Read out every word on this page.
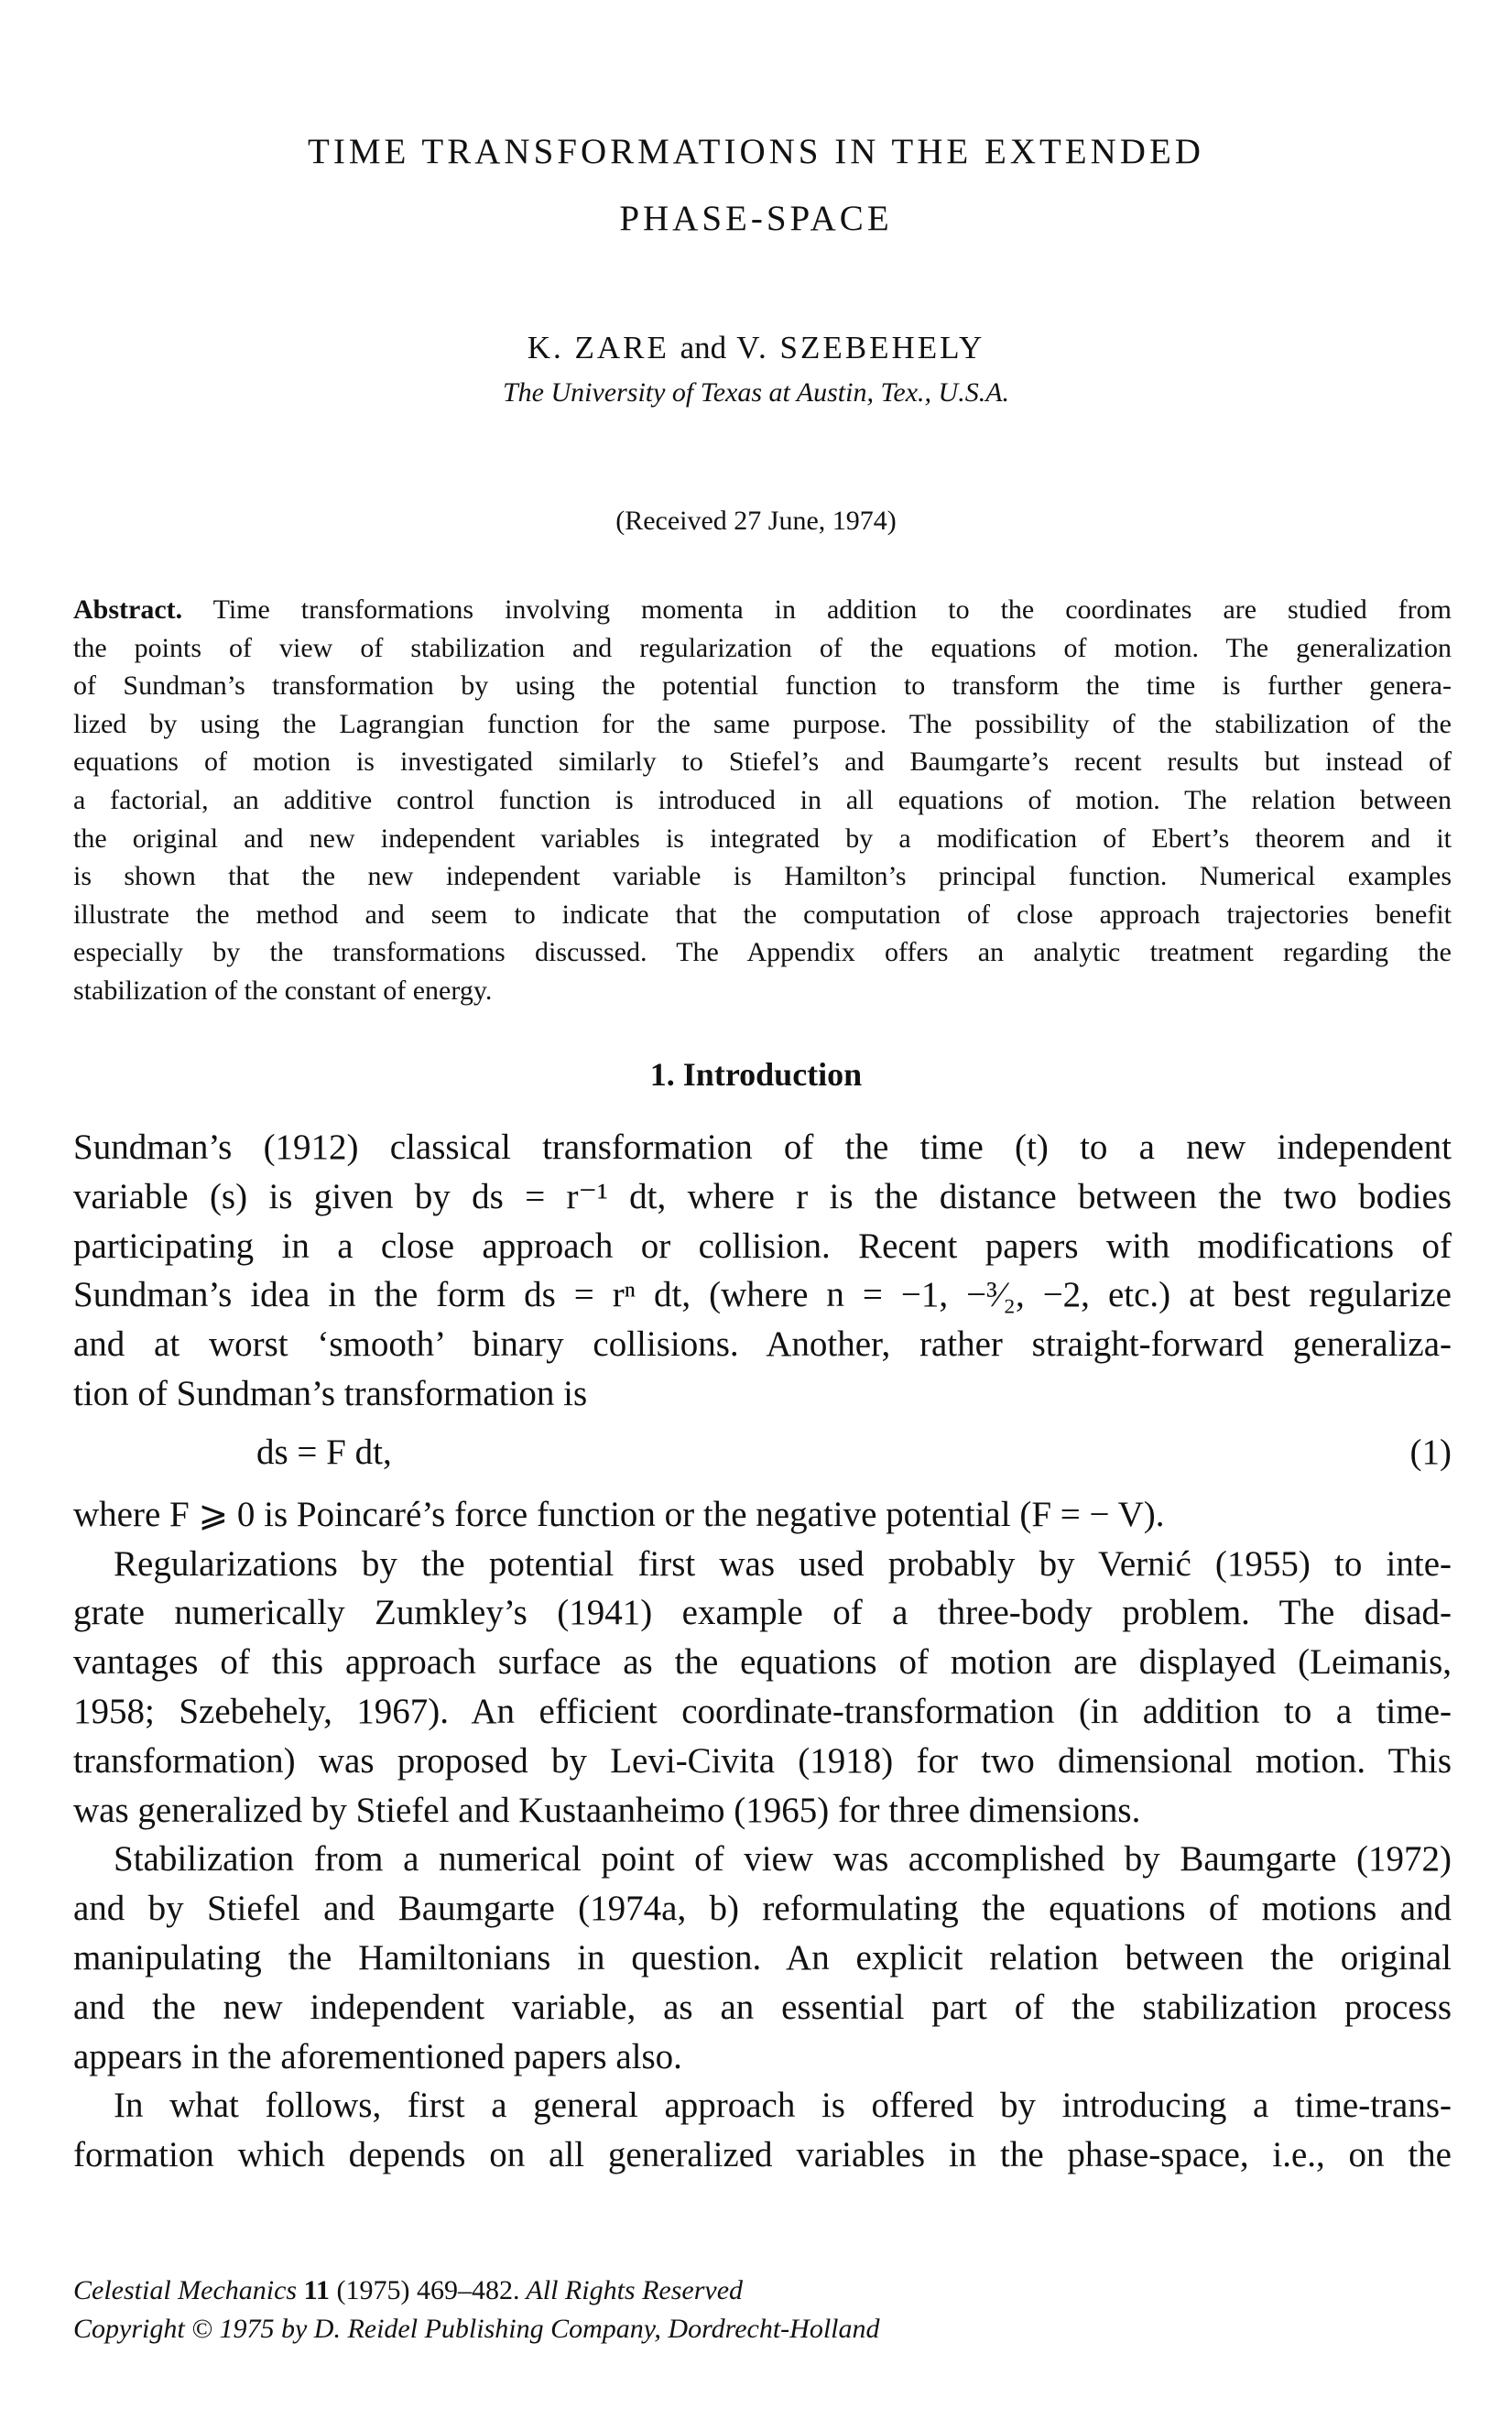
TIME TRANSFORMATIONS IN THE EXTENDED
PHASE-SPACE
K. ZARE and V. SZEBEHELY
The University of Texas at Austin, Tex., U.S.A.
(Received 27 June, 1974)
Abstract. Time transformations involving momenta in addition to the coordinates are studied from
the points of view of stabilization and regularization of the equations of motion. The generalization
of Sundman’s transformation by using the potential function to transform the time is further genera-
lized by using the Lagrangian function for the same purpose. The possibility of the stabilization of the
equations of motion is investigated similarly to Stiefel’s and Baumgarte’s recent results but instead of
a factorial, an additive control function is introduced in all equations of motion. The relation between
the original and new independent variables is integrated by a modification of Ebert’s theorem and it
is shown that the new independent variable is Hamilton’s principal function. Numerical examples
illustrate the method and seem to indicate that the computation of close approach trajectories benefit
especially by the transformations discussed. The Appendix offers an analytic treatment regarding the
stabilization of the constant of energy.
1. Introduction
Sundman’s (1912) classical transformation of the time (t) to a new independent
variable (s) is given by ds = r⁻¹ dt, where r is the distance between the two bodies
participating in a close approach or collision. Recent papers with modifications of
Sundman’s idea in the form ds = rⁿ dt, (where n = −1, −³⁄₂, −2, etc.) at best regularize
and at worst ‘smooth’ binary collisions. Another, rather straight-forward generaliza-
tion of Sundman’s transformation is
ds = F dt,	(1)
where F ⩾ 0 is Poincaré’s force function or the negative potential (F = − V).
Regularizations by the potential first was used probably by Vernić (1955) to inte-
grate numerically Zumkley’s (1941) example of a three-body problem. The disad-
vantages of this approach surface as the equations of motion are displayed (Leimanis,
1958; Szebehely, 1967). An efficient coordinate-transformation (in addition to a time-
transformation) was proposed by Levi-Civita (1918) for two dimensional motion. This
was generalized by Stiefel and Kustaanheimo (1965) for three dimensions.
Stabilization from a numerical point of view was accomplished by Baumgarte (1972)
and by Stiefel and Baumgarte (1974a, b) reformulating the equations of motions and
manipulating the Hamiltonians in question. An explicit relation between the original
and the new independent variable, as an essential part of the stabilization process
appears in the aforementioned papers also.
In what follows, first a general approach is offered by introducing a time-trans-
formation which depends on all generalized variables in the phase-space, i.e., on the
Celestial Mechanics 11 (1975) 469–482. All Rights Reserved
Copyright © 1975 by D. Reidel Publishing Company, Dordrecht-Holland
